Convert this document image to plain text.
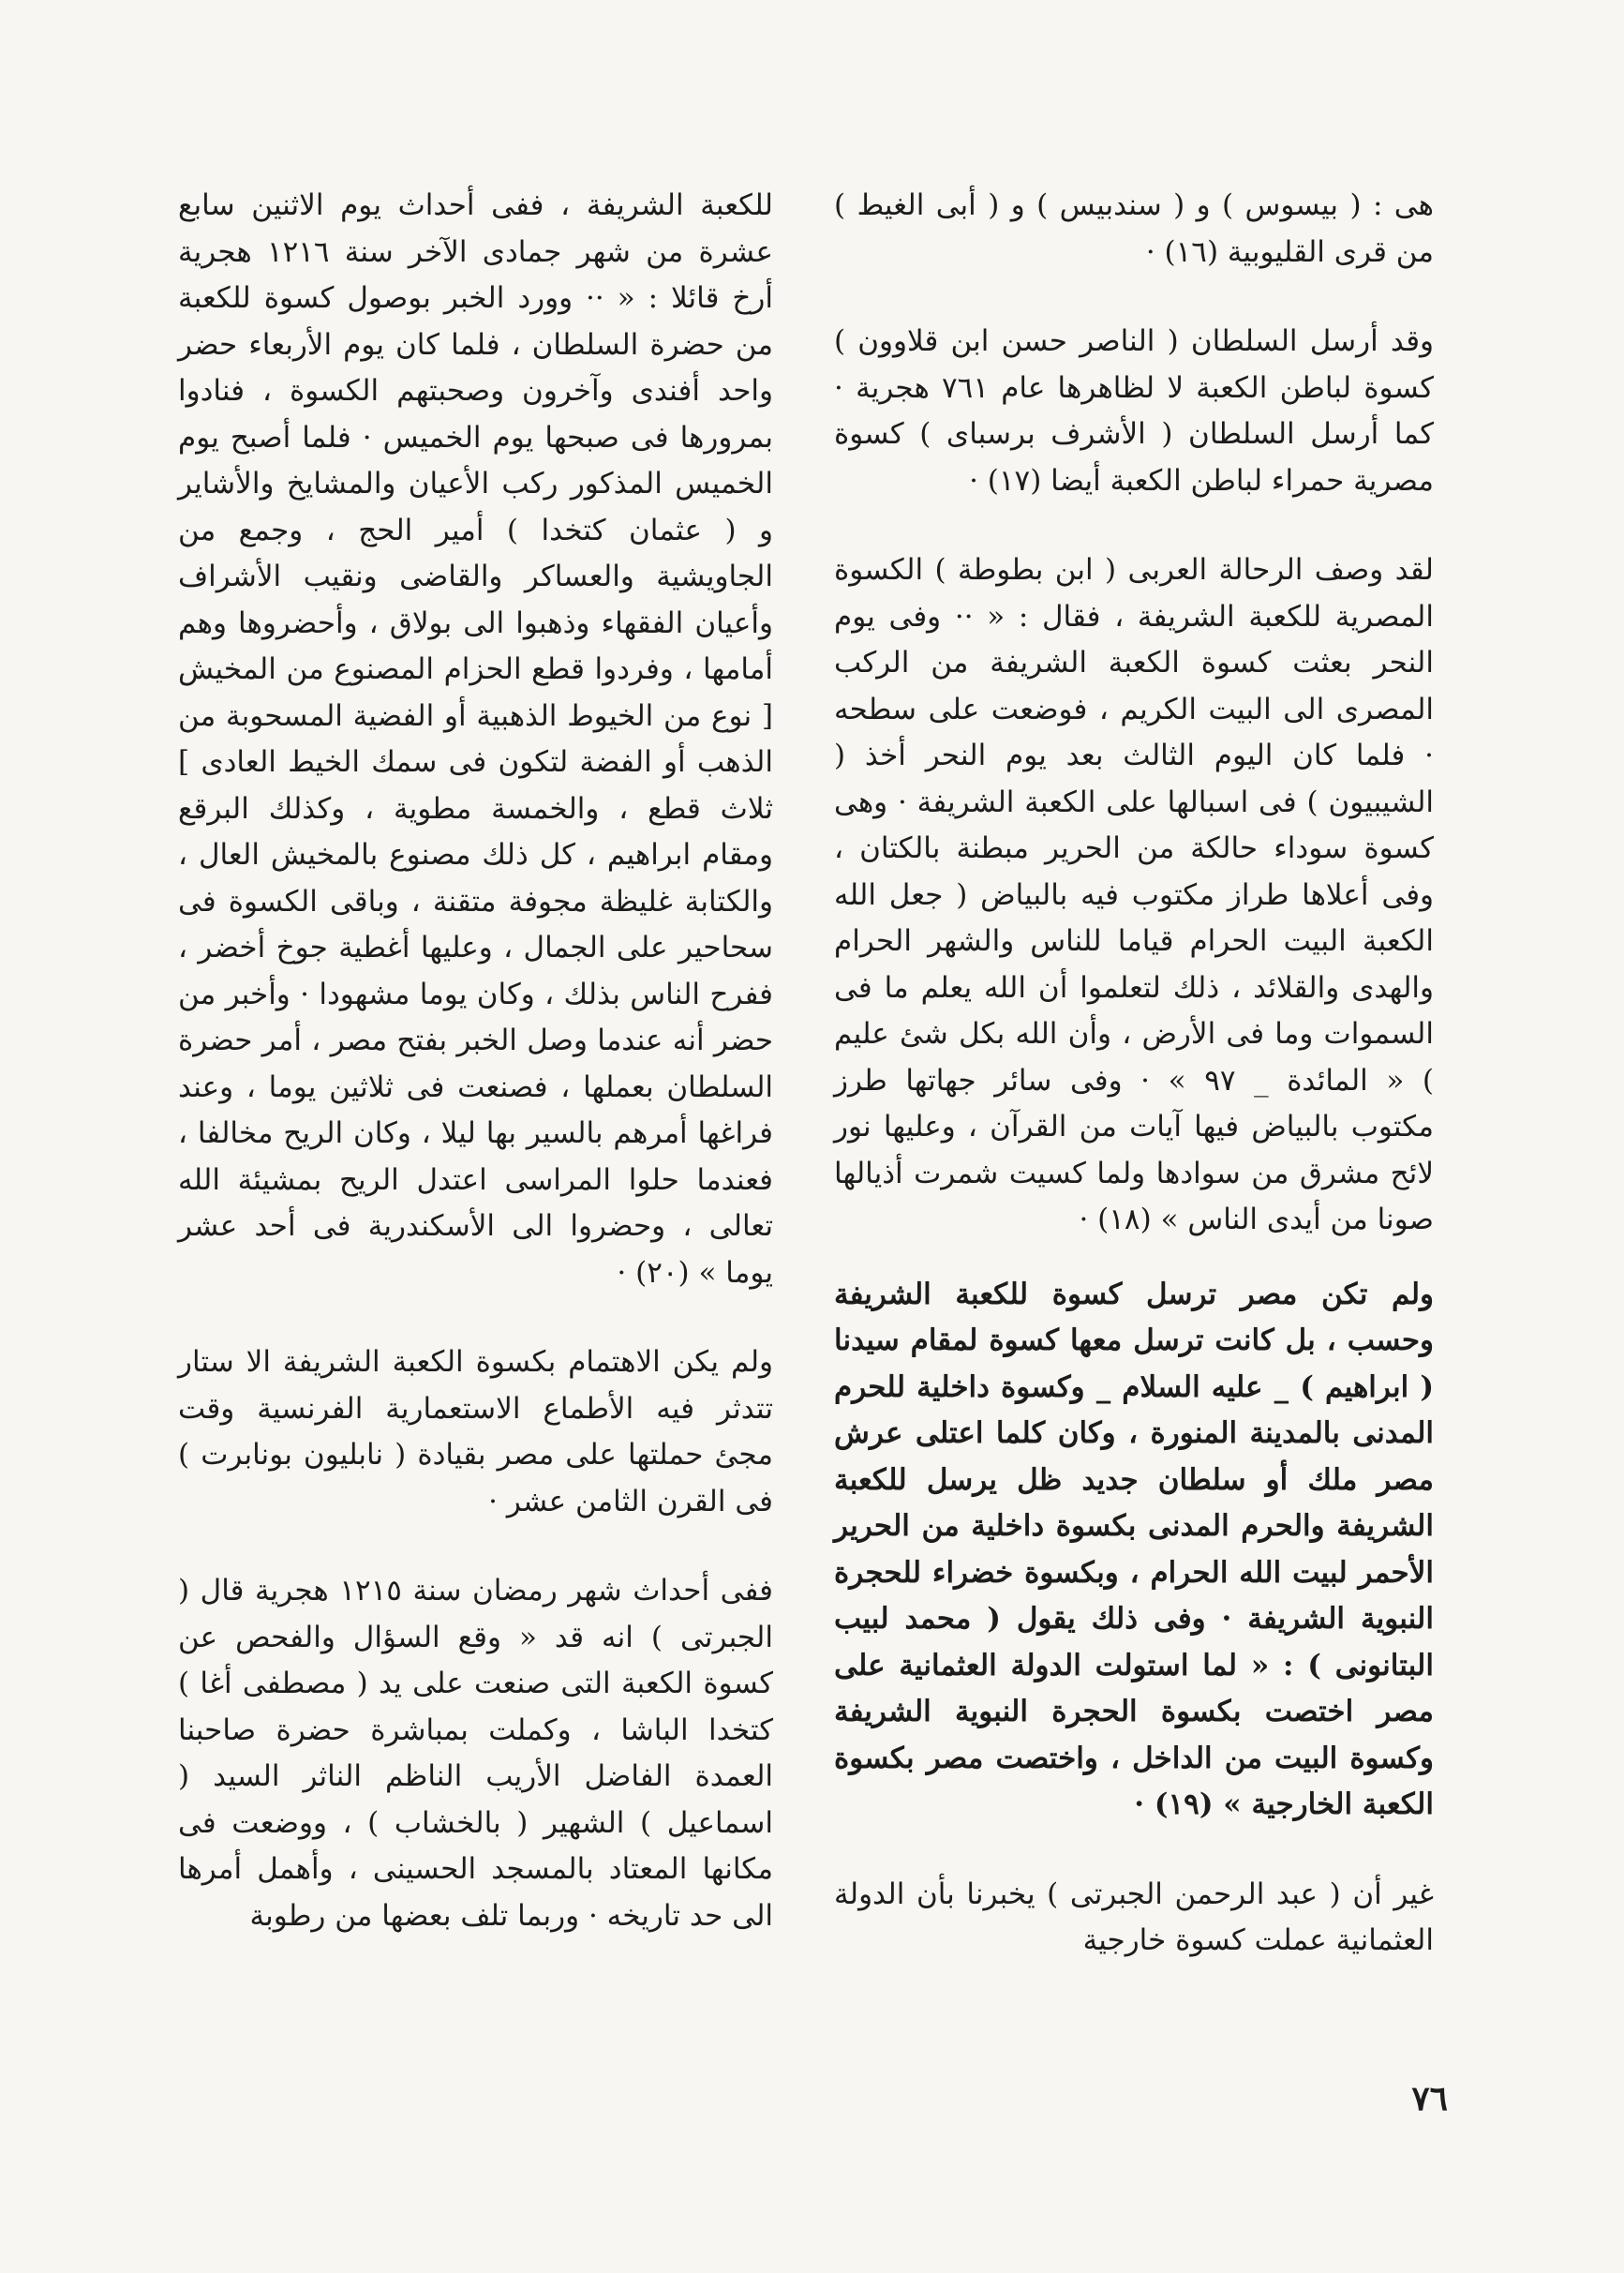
هى : ( بيسوس ) و ( سندبيس ) و ( أبى الغيط ) من قرى القليوبية (١٦) ·

وقد أرسل السلطان ( الناصر حسن ابن قلاوون ) كسوة لباطن الكعبة لا لظاهرها عام ٧٦١ هجرية · كما أرسل السلطان ( الأشرف برسباى ) كسوة مصرية حمراء لباطن الكعبة أيضا (١٧) ·

لقد وصف الرحالة العربى ( ابن بطوطة ) الكسوة المصرية للكعبة الشريفة ، فقال : « ·· وفى يوم النحر بعثت كسوة الكعبة الشريفة من الركب المصرى الى البيت الكريم ، فوضعت على سطحه · فلما كان اليوم الثالث بعد يوم النحر أخذ ( الشيبيون ) فى اسبالها على الكعبة الشريفة · وهى كسوة سوداء حالكة من الحرير مبطنة بالكتان ، وفى أعلاها طراز مكتوب فيه بالبياض ( جعل الله الكعبة البيت الحرام قياما للناس والشهر الحرام والهدى والقلائد ، ذلك لتعلموا أن الله يعلم ما فى السموات وما فى الأرض ، وأن الله بكل شئ عليم ) « المائدة _ ٩٧ » · وفى سائر جهاتها طرز مكتوب بالبياض فيها آيات من القرآن ، وعليها نور لائح مشرق من سوادها ولما كسيت شمرت أذيالها صونا من أيدى الناس » (١٨) ·

ولم تكن مصر ترسل كسوة للكعبة الشريفة وحسب ، بل كانت ترسل معها كسوة لمقام سيدنا ( ابراهيم ) _ عليه السلام _ وكسوة داخلية للحرم المدنى بالمدينة المنورة ، وكان كلما اعتلى عرش مصر ملك أو سلطان جديد ظل يرسل للكعبة الشريفة والحرم المدنى بكسوة داخلية من الحرير الأحمر لبيت الله الحرام ، وبكسوة خضراء للحجرة النبوية الشريفة · وفى ذلك يقول ( محمد لبيب البتانونى ) : « لما استولت الدولة العثمانية على مصر اختصت بكسوة الحجرة النبوية الشريفة وكسوة البيت من الداخل ، واختصت مصر بكسوة الكعبة الخارجية » (١٩) ·

غير أن ( عبد الرحمن الجبرتى ) يخبرنا بأن الدولة العثمانية عملت كسوة خارجية

للكعبة الشريفة ، ففى أحداث يوم الاثنين سابع عشرة من شهر جمادى الآخر سنة ١٢١٦ هجرية أرخ قائلا : « ·· وورد الخبر بوصول كسوة للكعبة من حضرة السلطان ، فلما كان يوم الأربعاء حضر واحد أفندى وآخرون وصحبتهم الكسوة ، فنادوا بمرورها فى صبحها يوم الخميس · فلما أصبح يوم الخميس المذكور ركب الأعيان والمشايخ والأشاير و ( عثمان كتخدا ) أمير الحج ، وجمع من الجاويشية والعساكر والقاضى ونقيب الأشراف وأعيان الفقهاء وذهبوا الى بولاق ، وأحضروها وهم أمامها ، وفردوا قطع الحزام المصنوع من المخيش [ نوع من الخيوط الذهبية أو الفضية المسحوبة من الذهب أو الفضة لتكون فى سمك الخيط العادى ] ثلاث قطع ، والخمسة مطوية ، وكذلك البرقع ومقام ابراهيم ، كل ذلك مصنوع بالمخيش العال ، والكتابة غليظة مجوفة متقنة ، وباقى الكسوة فى سحاحير على الجمال ، وعليها أغطية جوخ أخضر ، ففرح الناس بذلك ، وكان يوما مشهودا · وأخبر من حضر أنه عندما وصل الخبر بفتح مصر ، أمر حضرة السلطان بعملها ، فصنعت فى ثلاثين يوما ، وعند فراغها أمرهم بالسير بها ليلا ، وكان الريح مخالفا ، فعندما حلوا المراسى اعتدل الريح بمشيئة الله تعالى ، وحضروا الى الأسكندرية فى أحد عشر يوما » (٢٠) ·

ولم يكن الاهتمام بكسوة الكعبة الشريفة الا ستار تتدثر فيه الأطماع الاستعمارية الفرنسية وقت مجئ حملتها على مصر بقيادة ( نابليون بونابرت ) فى القرن الثامن عشر ·

ففى أحداث شهر رمضان سنة ١٢١٥ هجرية قال ( الجبرتى ) انه قد « وقع السؤال والفحص عن كسوة الكعبة التى صنعت على يد ( مصطفى أغا ) كتخدا الباشا ، وكملت بمباشرة حضرة صاحبنا العمدة الفاضل الأريب الناظم الناثر السيد ( اسماعيل ) الشهير ( بالخشاب ) ، ووضعت فى مكانها المعتاد بالمسجد الحسينى ، وأهمل أمرها الى حد تاريخه · وربما تلف بعضها من رطوبة

٧٦
